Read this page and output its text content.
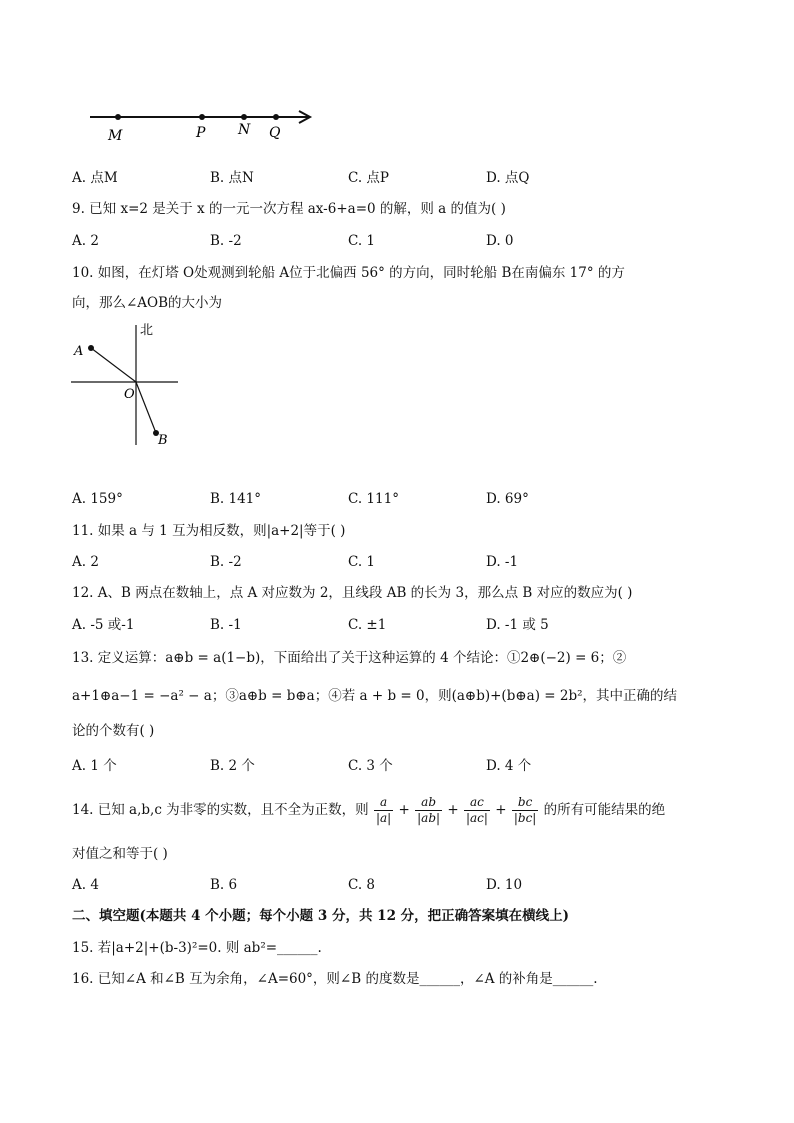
M	P N Q
A. 点M	B. 点N	C. 点P	D. 点Q
9. 已知 x=2 是关于 x 的一元一次方程 ax-6+a=0 的解，则 a 的值为( )
A. 2	B. -2	C. 1	D. 0
10. 如图，在灯塔 O处观测到轮船 A位于北偏西 56° 的方向，同时轮船 B在南偏东 17° 的方
向，那么∠AOB的大小为
北
A
O
B
A. 159°	B. 141°	C. 111°	D. 69°
11. 如果 a 与 1 互为相反数，则|a+2|等于( )
A. 2	B. -2	C. 1	D. -1
12. A、B 两点在数轴上，点 A 对应数为 2，且线段 AB 的长为 3，那么点 B 对应的数应为( )
A. -5 或-1	B. -1	C. ±1	D. -1 或 5
13. 定义运算：a⊕b = a(1−b)，下面给出了关于这种运算的 4 个结论：①2⊕(−2) = 6；②
a+1⊕a−1 = −a² − a；③a⊕b = b⊕a；④若 a + b = 0，则(a⊕b)+(b⊕a) = 2b²，其中正确的结
论的个数有( )
A. 1 个	B. 2 个	C. 3 个	D. 4 个
14. 已知 a,b,c 为非零的实数，且不全为正数，则 $\frac{a}{|a|} + \frac{ab}{|ab|} + \frac{ac}{|ac|} + \frac{bc}{|bc|}$ 的所有可能结果的绝
对值之和等于( )
A. 4	B. 6	C. 8	D. 10
二、填空题(本题共 4 个小题；每个小题 3 分，共 12 分，把正确答案填在横线上)
15. 若|a+2|+(b-3)²=0. 则 ab²=______.
16. 已知∠A 和∠B 互为余角，∠A=60°，则∠B 的度数是______，∠A 的补角是______.
